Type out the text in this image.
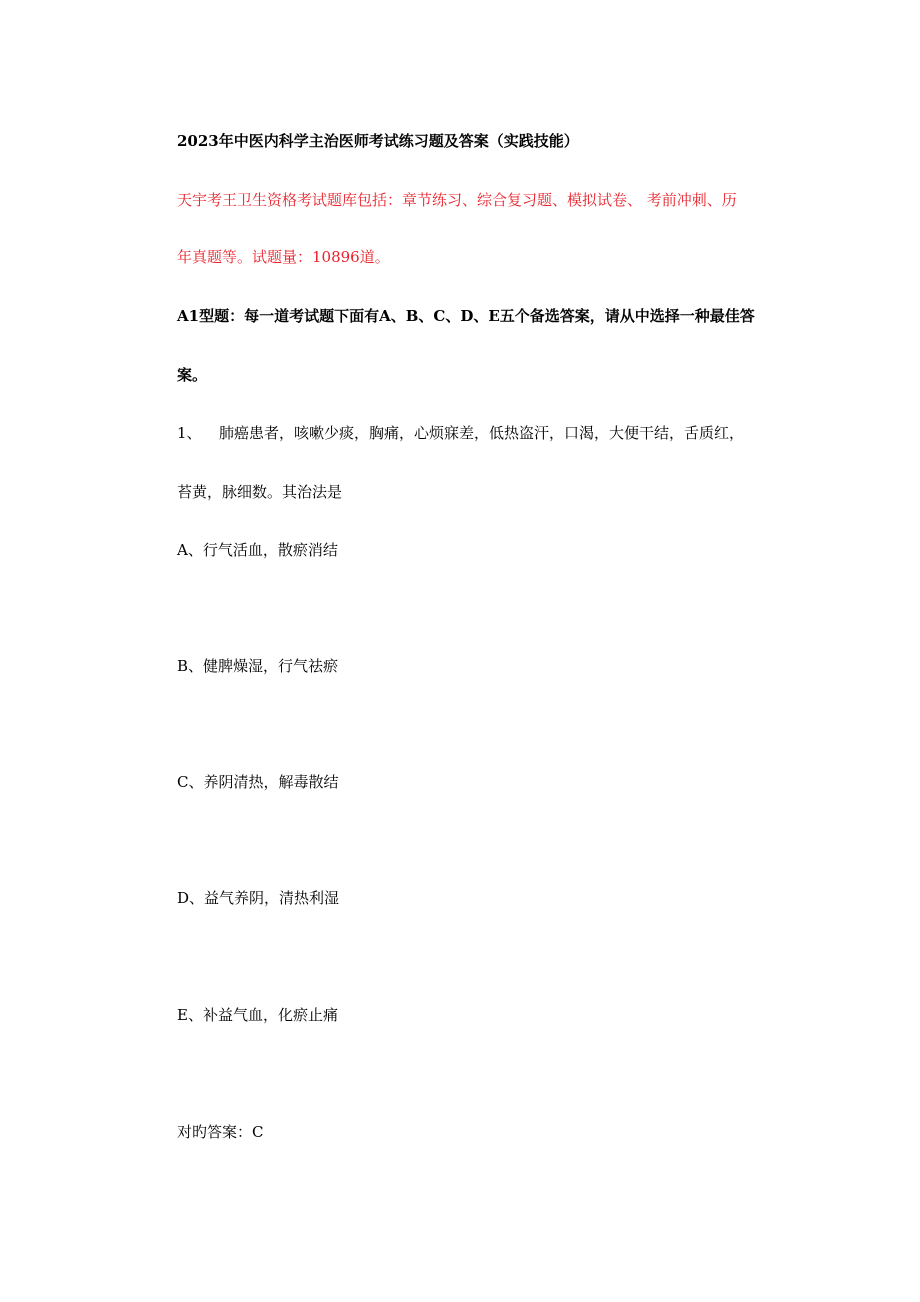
2023年中医内科学主治医师考试练习题及答案（实践技能）
天宇考王卫生资格考试题库包括：章节练习、综合复习题、模拟试卷、 考前冲刺、历
年真题等。试题量：10896道。
A1型题：每一道考试题下面有A、B、C、D、E五个备选答案，请从中选择一种最佳答
案。
1、 肺癌患者，咳嗽少痰，胸痛，心烦寐差，低热盗汗，口渴，大便干结，舌质红，
苔黄，脉细数。其治法是
A、行气活血，散瘀消结
B、健脾燥湿，行气祛瘀
C、养阴清热，解毒散结
D、益气养阴，清热利湿
E、补益气血，化瘀止痛
对旳答案：C
